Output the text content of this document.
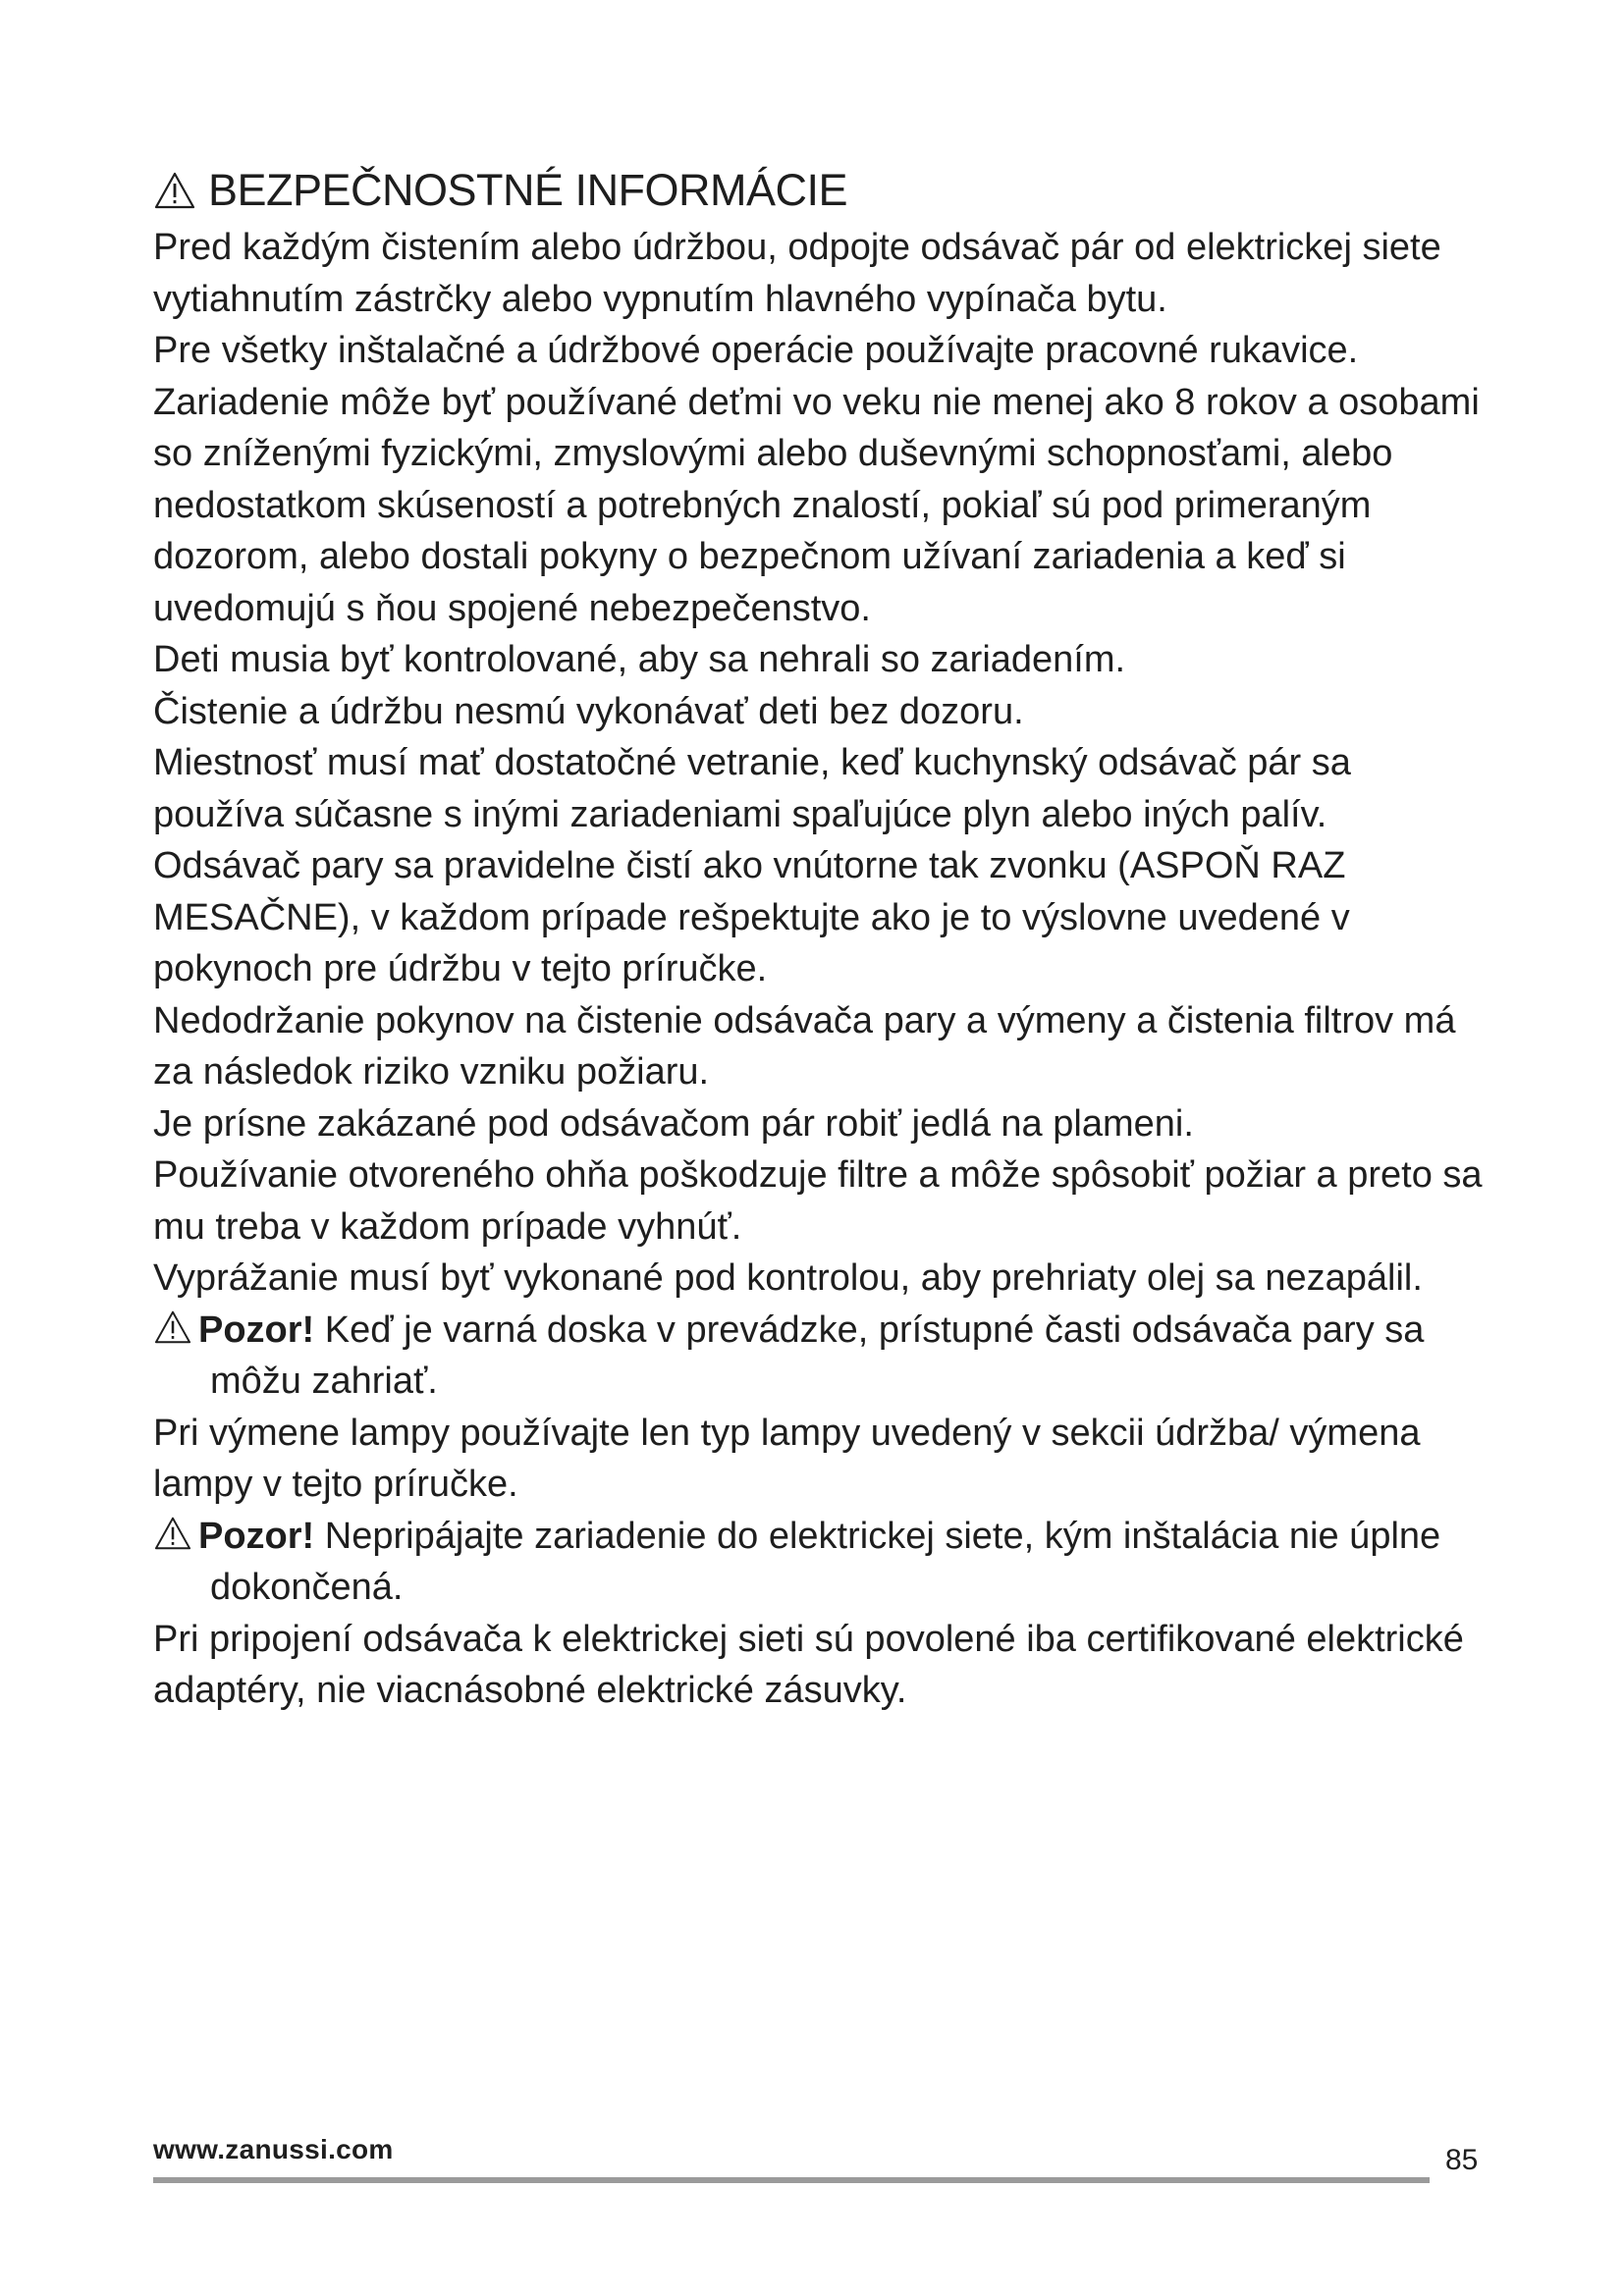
BEZPEČNOSTNÉ INFORMÁCIE

Pred každým čistením alebo údržbou, odpojte odsávač pár od elektrickej siete vytiahnutím zástrčky alebo vypnutím hlavného vypínača bytu.

Pre všetky inštalačné a údržbové operácie používajte pracovné rukavice.

Zariadenie môže byť používané deťmi vo veku nie menej ako 8 rokov a osobami so zníženými fyzickými, zmyslovými alebo duševnými schopnosťami, alebo nedostatkom skúseností a potrebných znalostí, pokiaľ sú pod primeraným dozorom, alebo dostali pokyny o bezpečnom užívaní zariadenia a keď si uvedomujú s ňou spojené nebezpečenstvo.

Deti musia byť kontrolované, aby sa nehrali so zariadením.

Čistenie a údržbu nesmú vykonávať deti bez dozoru.

Miestnosť musí mať dostatočné vetranie, keď kuchynský odsávač pár sa používa súčasne s inými zariadeniami spaľujúce plyn alebo iných palív.

Odsávač pary sa pravidelne čistí ako vnútorne tak zvonku (ASPOŇ RAZ MESAČNE), v každom prípade rešpektujte ako je to výslovne uvedené v pokynoch pre údržbu v tejto príručke.

Nedodržanie pokynov na čistenie odsávača pary a výmeny a čistenia filtrov má za následok riziko vzniku požiaru.

Je prísne zakázané pod odsávačom pár robiť jedlá na plameni.

Používanie otvoreného ohňa poškodzuje filtre a môže spôsobiť požiar a preto sa mu treba v každom prípade vyhnúť.

Vyprážanie musí byť vykonané pod kontrolou, aby prehriaty olej sa nezapálil.

Pozor! Keď je varná doska v prevádzke, prístupné časti odsávača pary sa môžu zahriať.

Pri výmene lampy používajte len typ lampy uvedený v sekcii údržba/ výmena lampy v tejto príručke.

Pozor! Nepripájajte zariadenie do elektrickej siete, kým inštalácia nie úplne dokončená.

Pri pripojení odsávača k elektrickej sieti sú povolené iba certifikované elektrické adaptéry, nie viacnásobné elektrické zásuvky.

www.zanussi.com	85
